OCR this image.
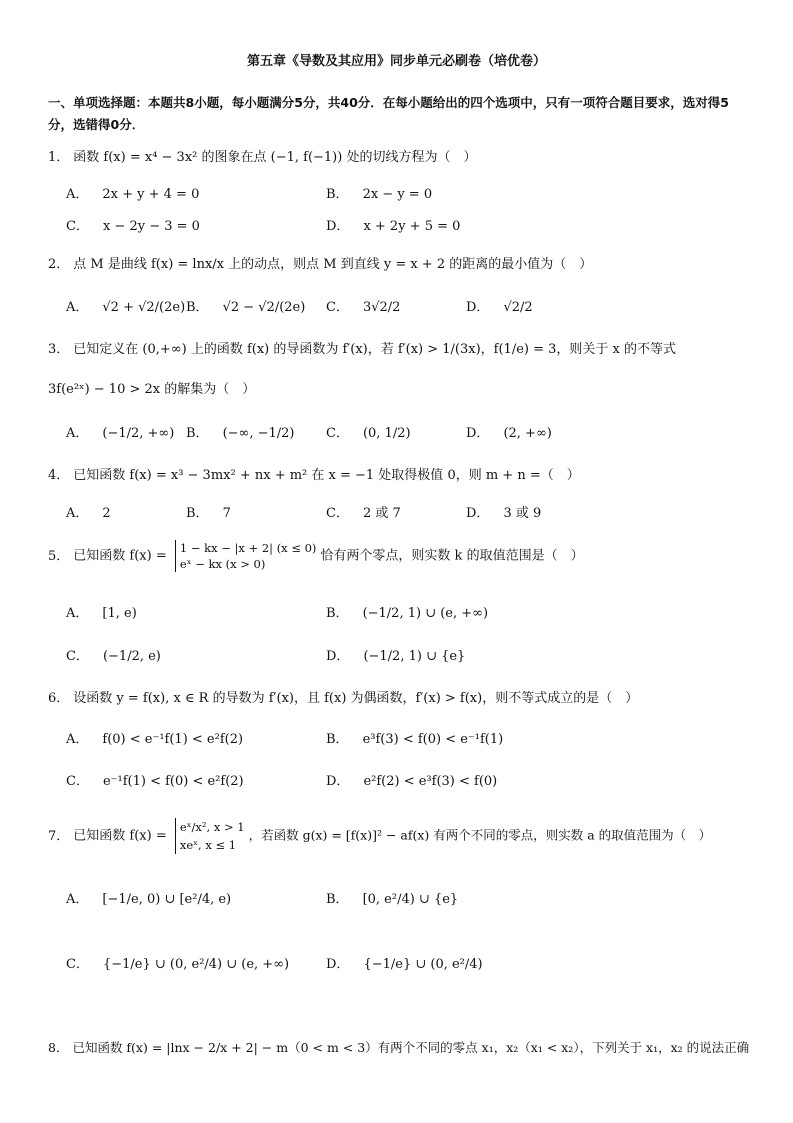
第五章《导数及其应用》同步单元必刷卷（培优卷）
一、单项选择题：本题共8小题，每小题满分5分，共40分．在每小题给出的四个选项中，只有一项符合题目要求，选对得5分，选错得0分．
1． 函数 f(x) = x⁴ − 3x² 的图象在点 (−1, f(−1)) 处的切线方程为（　）
A． 2x + y + 4 = 0	B． 2x − y = 0
C． x − 2y − 3 = 0	D． x + 2y + 5 = 0
2． 点 M 是曲线 f(x) = lnx/x 上的动点，则点 M 到直线 y = x + 2 的距离的最小值为（　）
A． √2 + √2/(2e) B． √2 − √2/(2e) C． 3√2/2	D． √2/2
3． 已知定义在 (0,+∞) 上的函数 f(x) 的导函数为 f′(x)，若 f′(x) > 1/(3x)，f(1/e) = 3，则关于 x 的不等式
3f(e²ˣ) − 10 > 2x 的解集为（　）
A． (−1/2, +∞) B． (−∞, −1/2) C． (0, 1/2)	D． (2, +∞)
4． 已知函数 f(x) = x³ − 3mx² + nx + m² 在 x = −1 处取得极值 0，则 m + n =（　）
A． 2	B． 7	C． 2 或 7	D． 3 或 9
5． 已知函数 f(x) =
1 − kx − |x + 2| (x ≤ 0)
eˣ − kx (x > 0)
恰有两个零点，则实数 k 的取值范围是（　）
A． [1, e)	B． (−1/2, 1) ∪ (e, +∞)
C． (−1/2, e)	D． (−1/2, 1) ∪ {e}
6． 设函数 y = f(x), x ∈ R 的导数为 f′(x)，且 f(x) 为偶函数，f′(x) > f(x)，则不等式成立的是（　）
A． f(0) < e⁻¹f(1) < e²f(2)	B． e³f(3) < f(0) < e⁻¹f(1)
C． e⁻¹f(1) < f(0) < e²f(2)	D． e²f(2) < e³f(3) < f(0)
7． 已知函数 f(x) =
eˣ/x², x > 1
xeˣ, x ≤ 1
，若函数 g(x) = [f(x)]² − af(x) 有两个不同的零点，则实数 a 的取值范围为（　）
A． [−1/e, 0) ∪ [e²/4, e)	B． [0, e²/4) ∪ {e}
C． {−1/e} ∪ (0, e²/4) ∪ (e, +∞)	D． {−1/e} ∪ (0, e²/4)
8． 已知函数 f(x) = |lnx − 2/x + 2| − m（0 < m < 3）有两个不同的零点 x₁，x₂（x₁ < x₂），下列关于 x₁，x₂ 的说法正确
